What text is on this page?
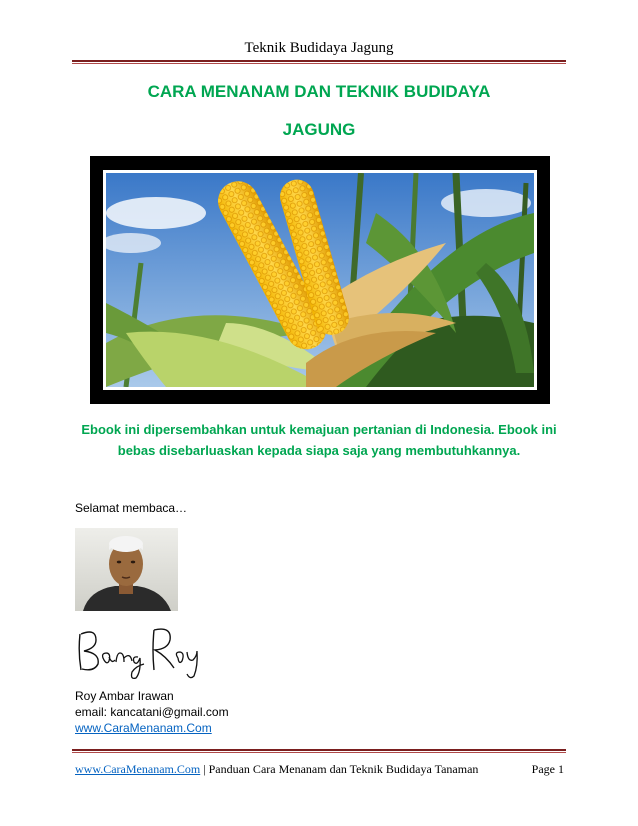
Teknik Budidaya Jagung
CARA MENANAM DAN TEKNIK BUDIDAYA
JAGUNG
Ebook ini dipersembahkan untuk kemajuan pertanian di Indonesia. Ebook ini
bebas disebarluaskan kepada siapa saja yang membutuhkannya.
Selamat membaca…
Roy Ambar Irawan
email: kancatani@gmail.com
www.CaraMenanam.Com
www.CaraMenanam.Com | Panduan Cara Menanam dan Teknik Budidaya Tanaman	Page 1
